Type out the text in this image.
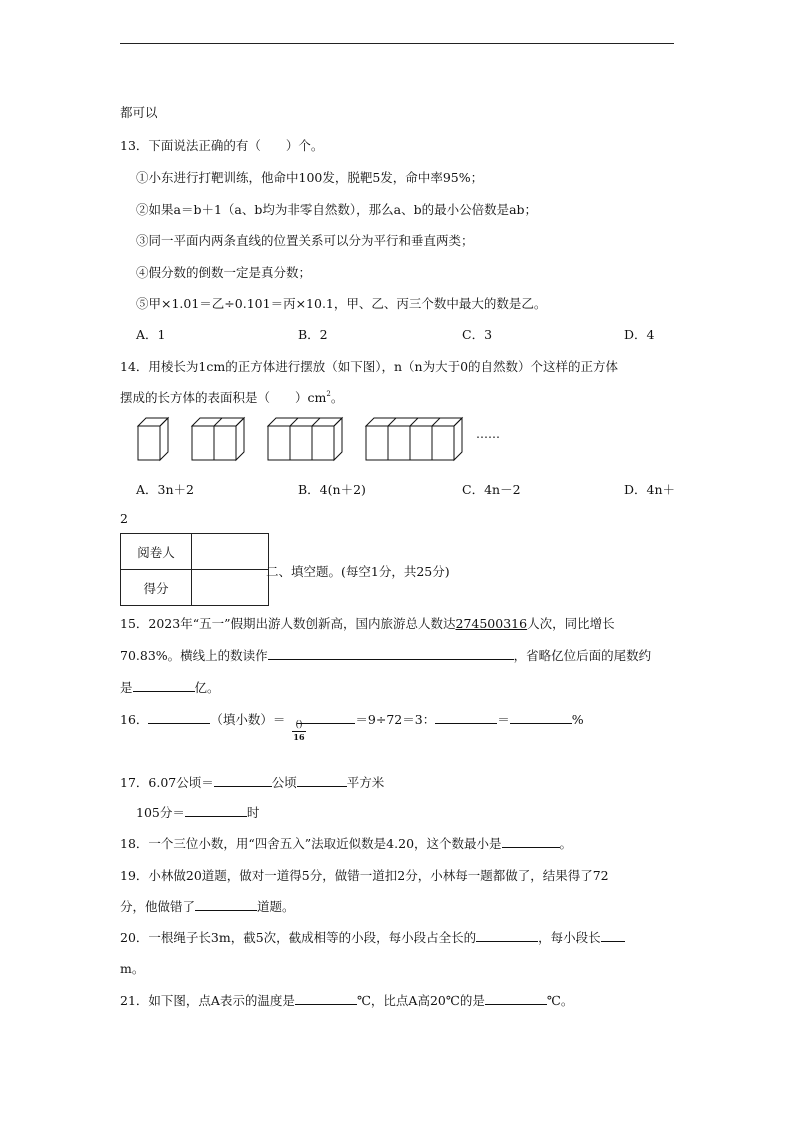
都可以
13．下面说法正确的有（　　）个。
①小东进行打靶训练，他命中100发，脱靶5发，命中率95%；
②如果a＝b＋1（a、b均为非零自然数），那么a、b的最小公倍数是ab；
③同一平面内两条直线的位置关系可以分为平行和垂直两类；
④假分数的倒数一定是真分数；
⑤甲×1.01＝乙÷0.101＝丙×10.1，甲、乙、丙三个数中最大的数是乙。
A．1	B．2	C．3	D．4
14．用棱长为1cm的正方体进行摆放（如下图），n（n为大于0的自然数）个这样的正方体
摆成的长方体的表面积是（　　）$cm^2$。
……
A．3n＋2	B．4(n＋2)	C．4n－2	D．4n＋
2
阅卷人	
得分	
二、填空题。(每空1分，共25分)
15．2023年“五一”假期出游人数创新高，国内旅游总人数达274500316人次，同比增长
70.83%。横线上的数读作	，省略亿位后面的尾数约
是	亿。
16．	（填小数）＝	＝9÷72＝3：	＝	%
()
16
17．6.07公顷＝	公顷	平方米
105分＝	时
18．一个三位小数，用“四舍五入”法取近似数是4.20，这个数最小是	。
19．小林做20道题，做对一道得5分，做错一道扣2分，小林每一题都做了，结果得了72
分，他做错了	道题。
20．一根绳子长3m，截5次，截成相等的小段，每小段占全长的	，每小段长
m。
21．如下图，点A表示的温度是	℃，比点A高20℃的是	℃。
